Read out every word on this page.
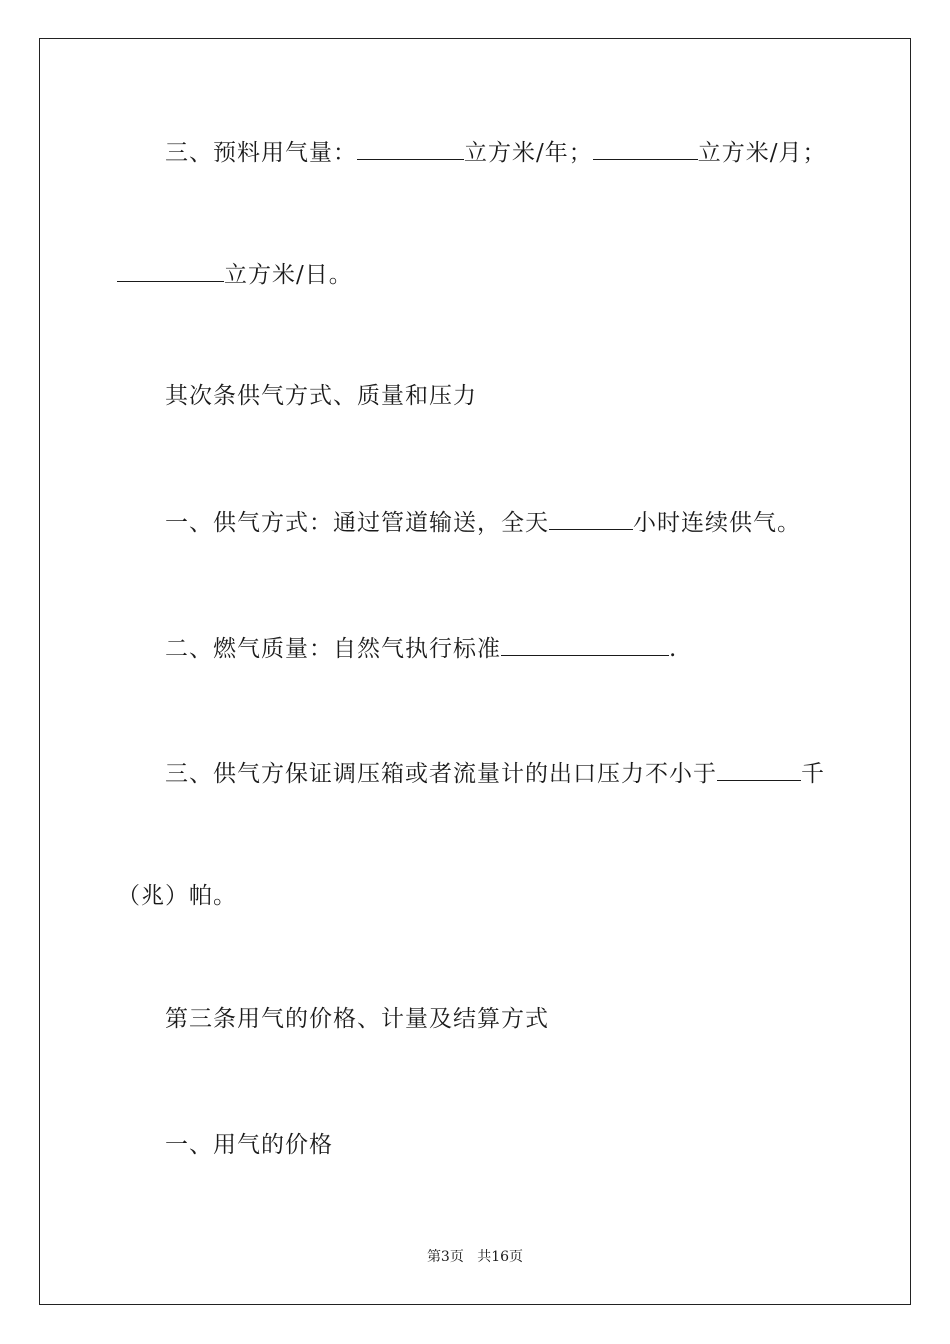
三、预料用气量：	立方米/年；	立方米/月；
立方米/日。
其次条供气方式、质量和压力
一、供气方式：通过管道输送，全天	小时连续供气。
二、燃气质量：自然气执行标准	.
三、供气方保证调压箱或者流量计的出口压力不小于	千
（兆）帕。
第三条用气的价格、计量及结算方式
一、用气的价格
第3页 共16页
